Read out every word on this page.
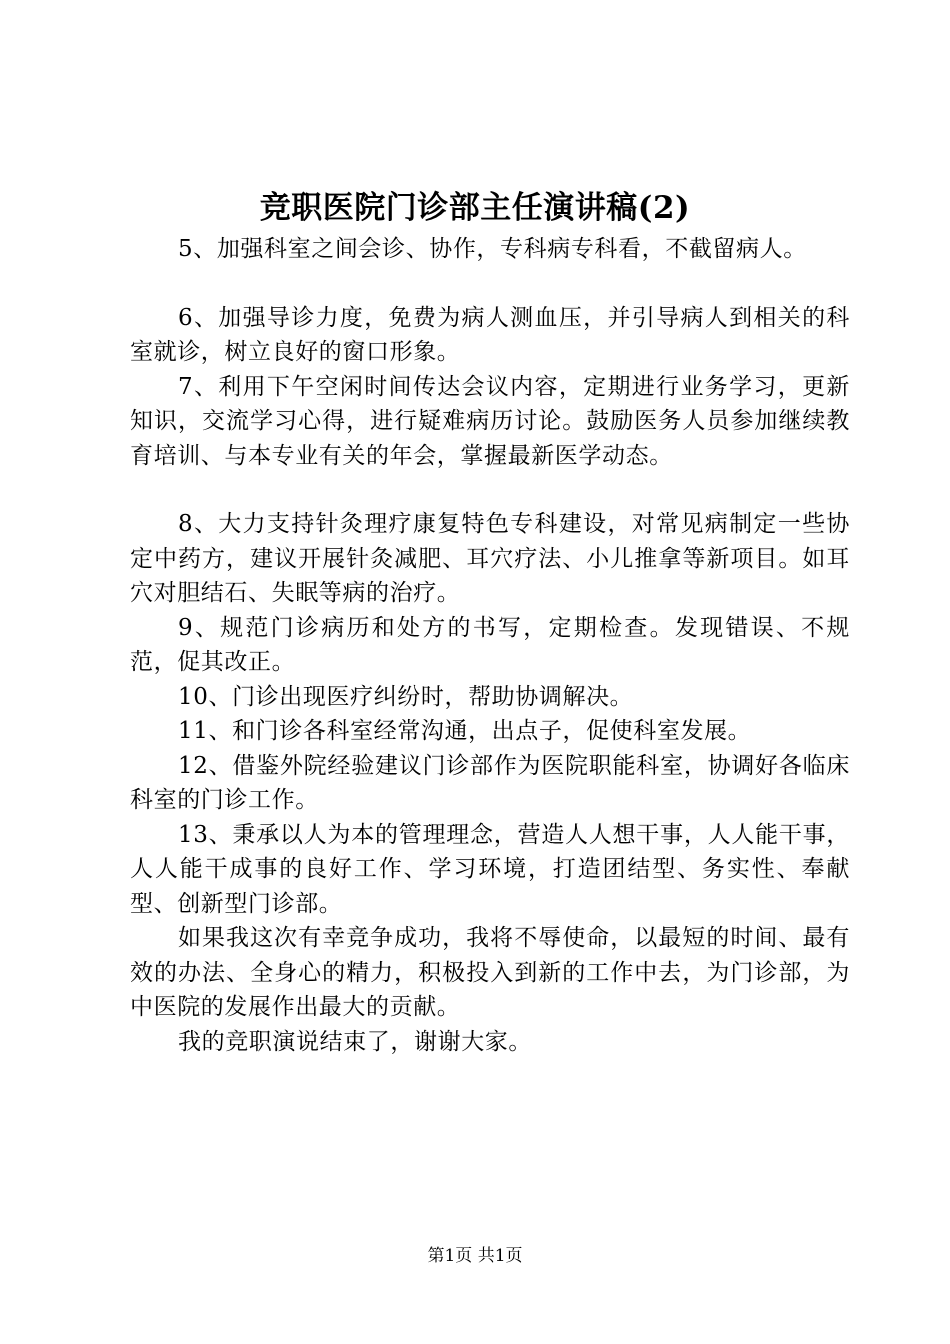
竞职医院门诊部主任演讲稿(2)

5、加强科室之间会诊、协作，专科病专科看，不截留病人。

6、加强导诊力度，免费为病人测血压，并引导病人到相关的科室就诊，树立良好的窗口形象。

7、利用下午空闲时间传达会议内容，定期进行业务学习，更新知识，交流学习心得，进行疑难病历讨论。鼓励医务人员参加继续教育培训、与本专业有关的年会，掌握最新医学动态。

8、大力支持针灸理疗康复特色专科建设，对常见病制定一些协定中药方，建议开展针灸减肥、耳穴疗法、小儿推拿等新项目。如耳穴对胆结石、失眠等病的治疗。

9、规范门诊病历和处方的书写，定期检查。发现错误、不规范，促其改正。

10、门诊出现医疗纠纷时，帮助协调解决。

11、和门诊各科室经常沟通，出点子，促使科室发展。

12、借鉴外院经验建议门诊部作为医院职能科室，协调好各临床科室的门诊工作。

13、秉承以人为本的管理理念，营造人人想干事，人人能干事，人人能干成事的良好工作、学习环境，打造团结型、务实性、奉献型、创新型门诊部。

如果我这次有幸竞争成功，我将不辱使命，以最短的时间、最有效的办法、全身心的精力，积极投入到新的工作中去，为门诊部，为中医院的发展作出最大的贡献。

我的竞职演说结束了，谢谢大家。

第1页 共1页
